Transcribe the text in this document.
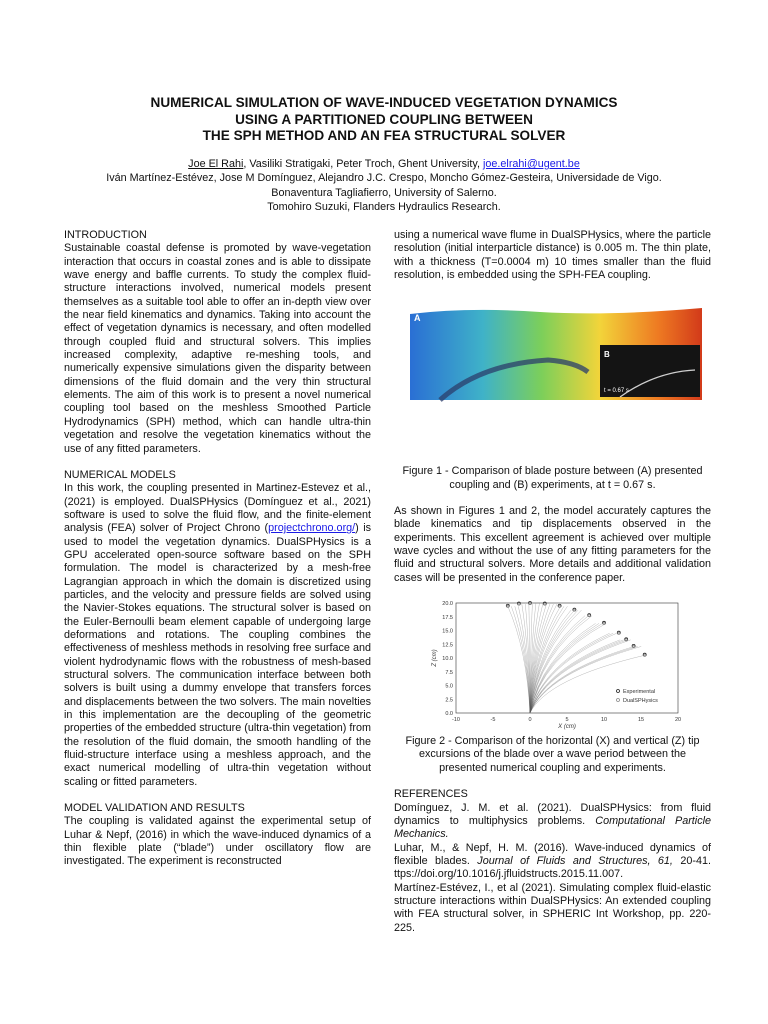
NUMERICAL SIMULATION OF WAVE-INDUCED VEGETATION DYNAMICS
USING A PARTITIONED COUPLING BETWEEN
THE SPH METHOD AND AN FEA STRUCTURAL SOLVER
Joe El Rahi, Vasiliki Stratigaki, Peter Troch, Ghent University, joe.elrahi@ugent.be
Iván Martínez-Estévez, Jose M Domínguez, Alejandro J.C. Crespo, Moncho Gómez-Gesteira, Universidade de Vigo.
Bonaventura Tagliafierro, University of Salerno.
Tomohiro Suzuki, Flanders Hydraulics Research.
INTRODUCTION

Sustainable coastal defense is promoted by wave-vegetation interaction that occurs in coastal zones and is able to dissipate wave energy and baffle currents. To study the complex fluid-structure interactions involved, numerical models present themselves as a suitable tool able to offer an in-depth view over the near field kinematics and dynamics. Taking into account the effect of vegetation dynamics is necessary, and often modelled through coupled fluid and structural solvers. This implies increased complexity, adaptive re-meshing tools, and numerically expensive simulations given the disparity between dimensions of the fluid domain and the very thin structural elements. The aim of this work is to present a novel numerical coupling tool based on the meshless Smoothed Particle Hydrodynamics (SPH) method, which can handle ultra-thin vegetation and resolve the vegetation kinematics without the use of any fitted parameters.

NUMERICAL MODELS

In this work, the coupling presented in Martinez-Estevez et al., (2021) is employed. DualSPHysics (Domínguez et al., 2021) software is used to solve the fluid flow, and the finite-element analysis (FEA) solver of Project Chrono (projectchrono.org/) is used to model the vegetation dynamics. DualSPHysics is a GPU accelerated open-source software based on the SPH formulation. The model is characterized by a mesh-free Lagrangian approach in which the domain is discretized using particles, and the velocity and pressure fields are solved using the Navier-Stokes equations. The structural solver is based on the Euler-Bernoulli beam element capable of undergoing large deformations and rotations. The coupling combines the effectiveness of meshless methods in resolving free surface and violent hydrodynamic flows with the robustness of mesh-based structural solvers. The communication interface between both solvers is built using a dummy envelope that transfers forces and displacements between the two solvers. The main novelties in this implementation are the decoupling of the geometric properties of the embedded structure (ultra-thin vegetation) from the resolution of the fluid domain, the smooth handling of the fluid-structure interface using a meshless approach, and the exact numerical modelling of ultra-thin vegetation without scaling or fitted parameters.

MODEL VALIDATION AND RESULTS

The coupling is validated against the experimental setup of Luhar & Nepf, (2016) in which the wave-induced dynamics of a thin flexible plate (“blade”) under oscillatory flow are investigated. The experiment is reconstructed

using a numerical wave flume in DualSPHysics, where the particle resolution (initial interparticle distance) is 0.005 m. The thin plate, with a thickness (T=0.0004 m) 10 times smaller than the fluid resolution, is embedded using the SPH-FEA coupling.

A
B
t = 0.67 s
Figure 1 - Comparison of blade posture between (A) presented coupling and (B) experiments, at t = 0.67 s.

As shown in Figures 1 and 2, the model accurately captures the blade kinematics and tip displacements observed in the experiments. This excellent agreement is achieved over multiple wave cycles and without the use of any fitting parameters for the fluid and structural solvers. More details and additional validation cases will be presented in the conference paper.

-10	-5	0	5	10	15	20
0.0
2.5
5.0
7.5
10.0
12.5
15.0
17.5
20.0
X (cm)
Z (cm)
Experimental
DualSPHysics
Figure 2 - Comparison of the horizontal (X) and vertical (Z) tip excursions of the blade over a wave period between the presented numerical coupling and experiments.
REFERENCES

Domínguez, J. M. et al. (2021). DualSPHysics: from fluid dynamics to multiphysics problems. Computational Particle Mechanics.

Luhar, M., & Nepf, H. M. (2016). Wave-induced dynamics of flexible blades. Journal of Fluids and Structures, 61, 20-41. ttps://doi.org/10.1016/j.jfluidstructs.2015.11.007.

Martínez-Estévez, I., et al (2021). Simulating complex fluid-elastic structure interactions within DualSPHysics: An extended coupling with FEA structural solver, in SPHERIC Int Workshop, pp. 220-225.
